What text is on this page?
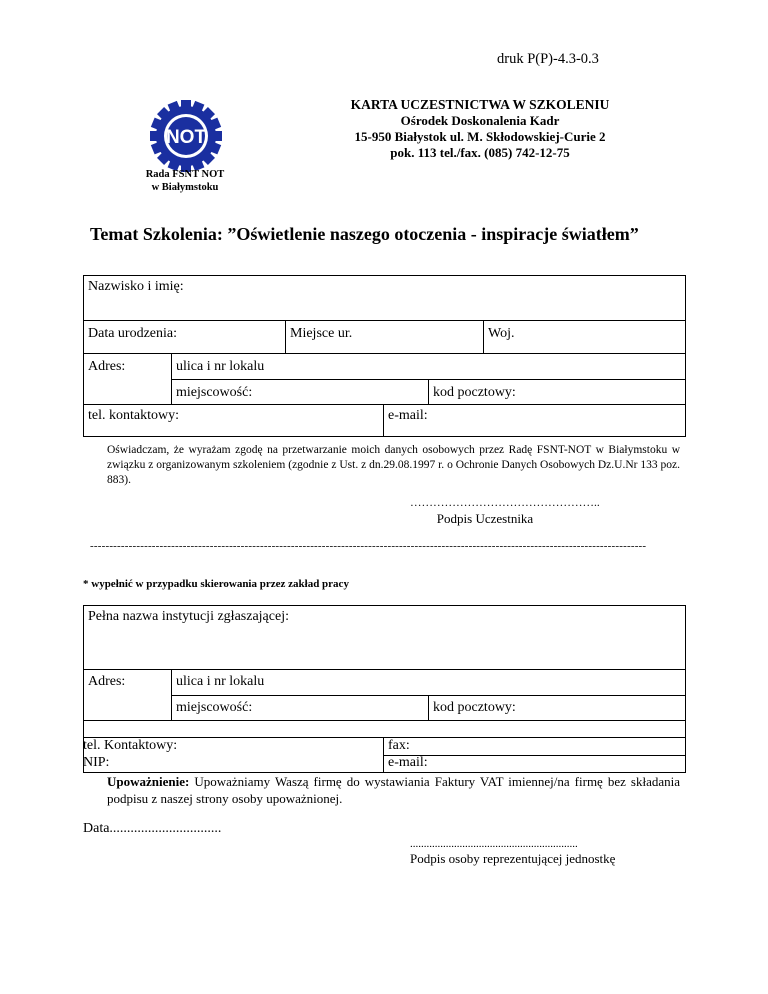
druk P(P)-4.3-0.3
NOT
Rada FSNT NOT
w Białymstoku
KARTA UCZESTNICTWA W SZKOLENIU
Ośrodek Doskonalenia Kadr
15-950 Białystok ul. M. Skłodowskiej-Curie 2
pok. 113 tel./fax. (085) 742-12-75
Temat Szkolenia: ”Oświetlenie naszego otoczenia - inspiracje światłem”
Nazwisko i imię:
Data urodzenia:	Miejsce ur.	Woj.
Adres:	ulica i nr lokalu
miejscowość:	kod pocztowy:
tel. kontaktowy:	e-mail:
Oświadczam, że wyrażam zgodę na przetwarzanie moich danych osobowych przez Radę FSNT-NOT w Białymstoku w związku z organizowanym szkoleniem (zgodnie z Ust. z dn.29.08.1997 r. o Ochronie Danych Osobowych Dz.U.Nr 133 poz. 883).
…………………………………………..
Podpis Uczestnika
------------------------------------------------------------------------------------------------------------------------------------------------
* wypełnić w przypadku skierowania przez zakład pracy
Pełna nazwa instytucji zgłaszającej:
Adres:	ulica i nr lokalu
miejscowość:	kod pocztowy:
tel. Kontaktowy:	fax:
NIP:	e-mail:
Upoważnienie: Upoważniamy Waszą firmę do wystawiania Faktury VAT imiennej/na firmę bez składania podpisu z naszej strony osoby upoważnionej.
Data................................
.............................................................
Podpis osoby reprezentującej jednostkę
